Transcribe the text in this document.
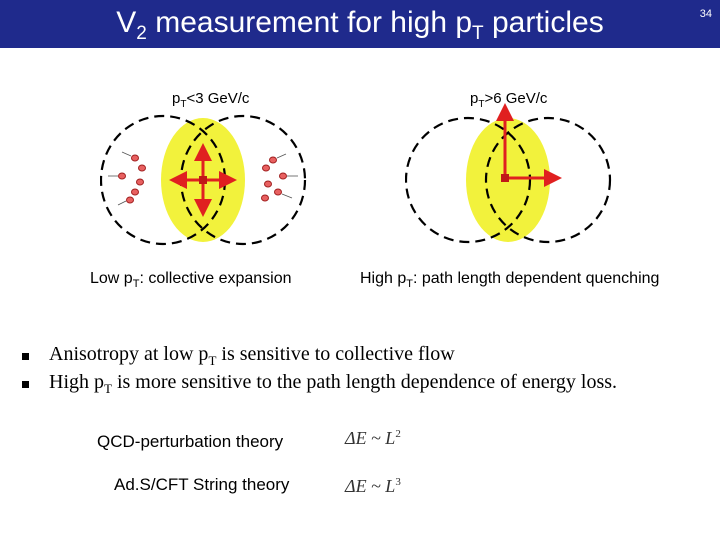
$V_2$ measurement for high $p_T$ particles	34
$p_T<3$ GeV/c	$p_T>6$ GeV/c
Low $p_T$: collective expansion	High $p_T$: path length dependent quenching
Anisotropy at low $p_T$ is sensitive to collective flow
High $p_T$ is more sensitive to the path length dependence of energy loss.
QCD-perturbation theory	ΔE ~ $L^2$
Ad.S/CFT String theory	ΔE ~ $L^3$
